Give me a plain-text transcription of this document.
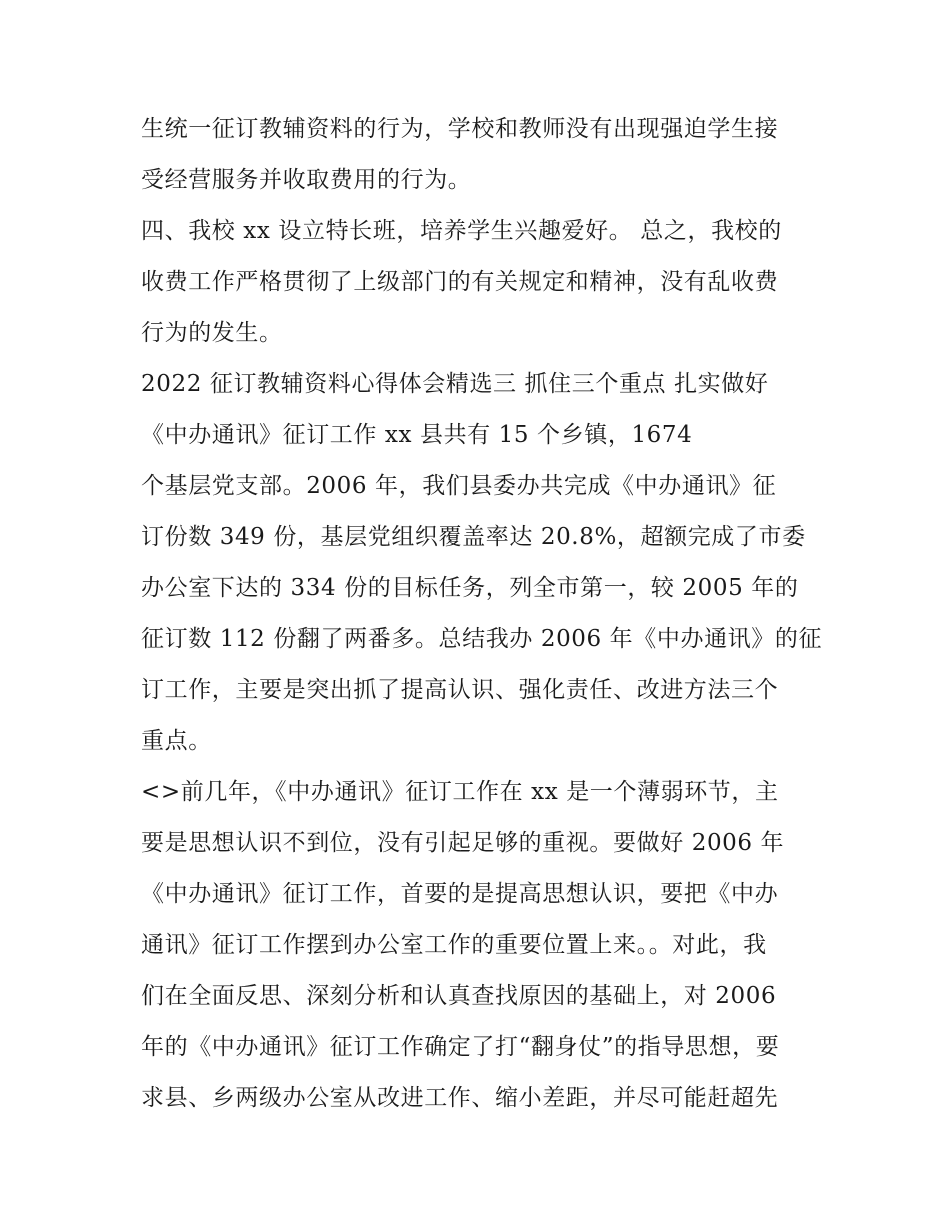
生统一征订教辅资料的行为，学校和教师没有出现强迫学生接
受经营服务并收取费用的行为。
四、我校 xx 设立特长班，培养学生兴趣爱好。 总之，我校的
收费工作严格贯彻了上级部门的有关规定和精神，没有乱收费
行为的发生。
2022 征订教辅资料心得体会精选三 抓住三个重点 扎实做好
《中办通讯》征订工作 xx 县共有 15 个乡镇，1674
个基层党支部。2006 年，我们县委办共完成《中办通讯》征
订份数 349 份，基层党组织覆盖率达 20.8%，超额完成了市委
办公室下达的 334 份的目标任务，列全市第一，较 2005 年的
征订数 112 份翻了两番多。总结我办 2006 年《中办通讯》的征
订工作，主要是突出抓了提高认识、强化责任、改进方法三个
重点。
<>前几年，《中办通讯》征订工作在 xx 是一个薄弱环节，主
要是思想认识不到位，没有引起足够的重视。要做好 2006 年
《中办通讯》征订工作，首要的是提高思想认识，要把《中办
通讯》征订工作摆到办公室工作的重要位置上来。。对此，我
们在全面反思、深刻分析和认真查找原因的基础上，对 2006
年的《中办通讯》征订工作确定了打“翻身仗”的指导思想，要
求县、乡两级办公室从改进工作、缩小差距，并尽可能赶超先
